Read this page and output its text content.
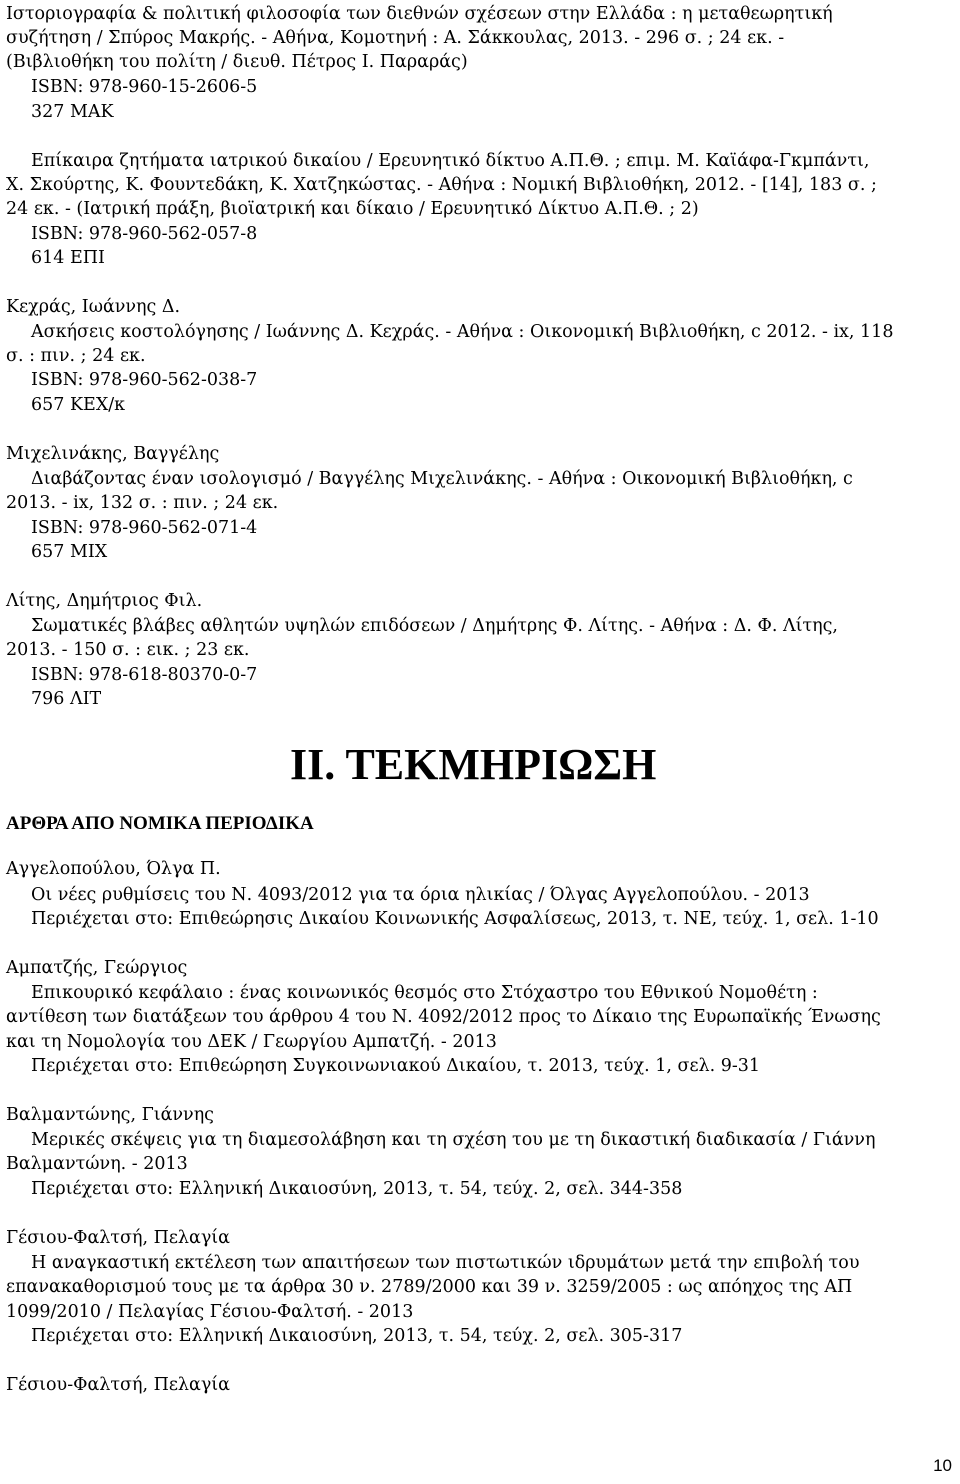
Ιστοριογραφία & πολιτική φιλοσοφία των διεθνών σχέσεων στην Ελλάδα : η μεταθεωρητική
συζήτηση / Σπύρος Μακρής. - Αθήνα, Κομοτηνή : Α. Σάκκουλας, 2013. - 296 σ. ; 24 εκ. -
(Βιβλιοθήκη του πολίτη / διευθ. Πέτρος Ι. Παραράς)
ISBN: 978-960-15-2606-5
327 ΜΑΚ
Επίκαιρα ζητήματα ιατρικού δικαίου / Ερευνητικό δίκτυο Α.Π.Θ. ; επιμ. Μ. Καϊάφα-Γκμπάντι,
Χ. Σκούρτης, Κ. Φουντεδάκη, Κ. Χατζηκώστας. - Αθήνα : Νομική Βιβλιοθήκη, 2012. - [14], 183 σ. ;
24 εκ. - (Ιατρική πράξη, βιοϊατρική και δίκαιο / Ερευνητικό Δίκτυο Α.Π.Θ. ; 2)
ISBN: 978-960-562-057-8
614 ΕΠΙ
Κεχράς, Ιωάννης Δ.
Ασκήσεις κοστολόγησης / Ιωάννης Δ. Κεχράς. - Αθήνα : Οικονομική Βιβλιοθήκη, c 2012. - ix, 118
σ. : πιν. ; 24 εκ.
ISBN: 978-960-562-038-7
657 ΚΕΧ/κ
Μιχελινάκης, Βαγγέλης
Διαβάζοντας έναν ισολογισμό / Βαγγέλης Μιχελινάκης. - Αθήνα : Οικονομική Βιβλιοθήκη, c
2013. - ix, 132 σ. : πιν. ; 24 εκ.
ISBN: 978-960-562-071-4
657 ΜΙΧ
Λίτης, Δημήτριος Φιλ.
Σωματικές βλάβες αθλητών υψηλών επιδόσεων / Δημήτρης Φ. Λίτης. - Αθήνα : Δ. Φ. Λίτης,
2013. - 150 σ. : εικ. ; 23 εκ.
ISBN: 978-618-80370-0-7
796 ΛΙΤ
ΙΙ. ΤΕΚΜΗΡΙΩΣΗ
ΑΡΘΡΑ ΑΠΟ ΝΟΜΙΚΑ ΠΕΡΙΟΔΙΚΑ
Αγγελοπούλου, Όλγα Π.
Οι νέες ρυθμίσεις του Ν. 4093/2012 για τα όρια ηλικίας / Όλγας Αγγελοπούλου. - 2013
Περιέχεται στο: Επιθεώρησις Δικαίου Κοινωνικής Ασφαλίσεως, 2013, τ. ΝΕ, τεύχ. 1, σελ. 1-10
Αμπατζής, Γεώργιος
Επικουρικό κεφάλαιο : ένας κοινωνικός θεσμός στο Στόχαστρο του Εθνικού Νομοθέτη :
αντίθεση των διατάξεων του άρθρου 4 του Ν. 4092/2012 προς το Δίκαιο της Ευρωπαϊκής Ένωσης
και τη Νομολογία του ΔΕΚ / Γεωργίου Αμπατζή. - 2013
Περιέχεται στο: Επιθεώρηση Συγκοινωνιακού Δικαίου, τ. 2013, τεύχ. 1, σελ. 9-31
Βαλμαντώνης, Γιάννης
Μερικές σκέψεις για τη διαμεσολάβηση και τη σχέση του με τη δικαστική διαδικασία / Γιάννη
Βαλμαντώνη. - 2013
Περιέχεται στο: Ελληνική Δικαιοσύνη, 2013, τ. 54, τεύχ. 2, σελ. 344-358
Γέσιου-Φαλτσή, Πελαγία
Η αναγκαστική εκτέλεση των απαιτήσεων των πιστωτικών ιδρυμάτων μετά την επιβολή του
επανακαθορισμού τους με τα άρθρα 30 ν. 2789/2000 και 39 ν. 3259/2005 : ως απόηχος της ΑΠ
1099/2010 / Πελαγίας Γέσιου-Φαλτσή. - 2013
Περιέχεται στο: Ελληνική Δικαιοσύνη, 2013, τ. 54, τεύχ. 2, σελ. 305-317
Γέσιου-Φαλτσή, Πελαγία
10
